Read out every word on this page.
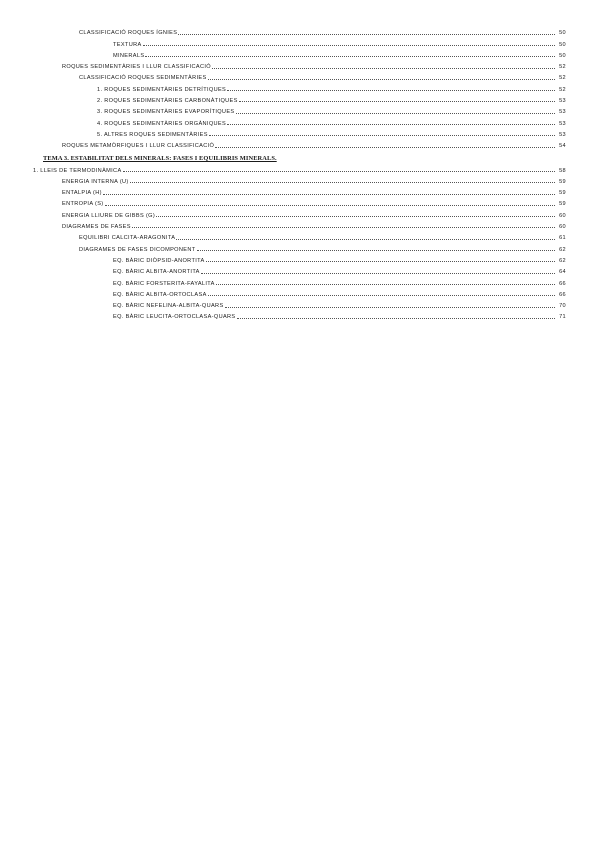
CLASSIFICACIÓ ROQUES ÍGNIES	50
TEXTURA	50
MINERALS	50
ROQUES SEDIMENTÀRIES I LLUR CLASSIFICACIÓ	52
CLASSIFICACIÓ ROQUES SEDIMENTÀRIES	52
1. ROQUES SEDIMENTÀRIES DETRÍTIQUES	52
2. ROQUES SEDIMENTÀRIES CARBONÀTIQUES	53
3. ROQUES SEDIMENTÀRIES EVAPORÍTIQUES	53
4. ROQUES SEDIMENTÀRIES ORGÀNIQUES	53
5. ALTRES ROQUES SEDIMENTÀRIES	53
ROQUES METAMÒRFIQUES I LLUR CLASSIFICACIÓ	54
TEMA 3. ESTABILITAT DELS MINERALS: FASES I EQUILIBRIS MINERALS.
1. LLEIS DE TERMODINÀMICA	58
ENERGIA INTERNA (U)	59
ENTALPIA (H)	59
ENTROPIA (S)	59
ENERGIA LLIURE DE GIBBS (G)	60
DIAGRAMES DE FASES	60
EQUILIBRI CALCITA-ARAGONITA	61
DIAGRAMES DE FASES DICOMPONENT	62
EQ. BÀRIC DIÒPSID-ANORTITA	62
EQ. BÀRIC ALBITA-ANORTITA	64
EQ. BÀRIC FORSTERITA-FAYALITA	66
EQ. BÀRIC ALBITA-ORTOCLASA	66
EQ. BÀRIC NEFELINA-ALBITA-QUARS	70
EQ. BÀRIC LEUCITA-ORTOCLASA-QUARS	71
